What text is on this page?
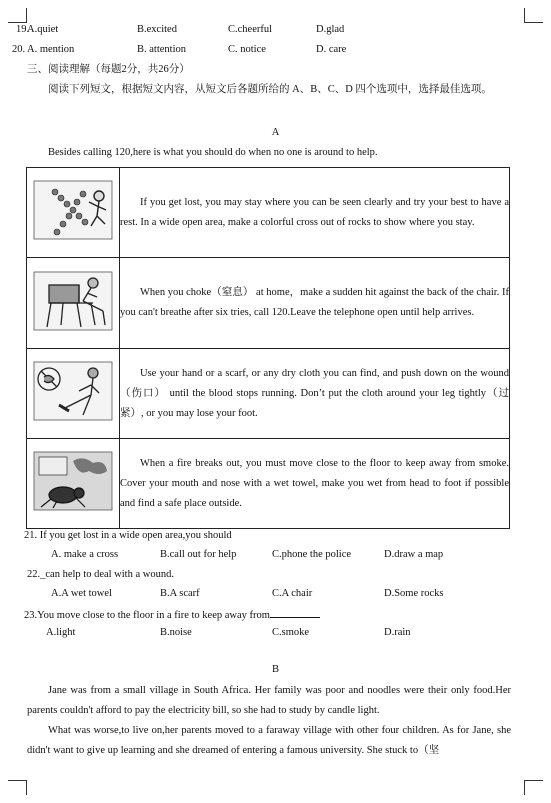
A.quiet	B.excited	C.cheerful	D.glad
19.
A. mention	B. attention	C. notice	D. care
20.
三、阅读理解（每题2分，共26分）
阅读下列短文，根据短文内容，从短文后各题所给的 A、B、C、D 四个选项中，选择最佳选项。
A
Besides calling 120,here is what you should do when no one is around to help.
	If you get lost, you may stay where you can be seen clearly and try your best to have a rest. In a wide open area, make a colorful cross out of rocks to show where you stay.
	When you choke（窒息） at home，make a sudden hit against the back of the chair. If you can't breathe after six tries, call 120.Leave the telephone open until help arrives.
	Use your hand or a scarf, or any dry cloth you can find, and push down on the wound（伤口） until the blood stops running. Don’t put the cloth around your leg tightly（过紧）, or you may lose your foot.
	When a fire breaks out, you must move close to the floor to keep away from smoke. Cover your mouth and nose with a wet towel, make you wet from head to foot if possible and find a safe place outside.
21. If you get lost in a wide open area,you should
A. make a cross	B.call out for help	C.phone the police	D.draw a map
22._can help to deal with a wound.
A.A wet towel	B.A scarf	C.A chair	D.Some rocks
23.You move close to the floor in a fire to keep away from
A.light	B.noise	C.smoke	D.rain
B
Jane was from a small village in South Africa. Her family was poor and noodles were their only food.Her parents couldn't afford to pay the electricity bill, so she had to study by candle light.
What was worse,to live on,her parents moved to a faraway village with other four children. As for Jane, she didn't want to give up learning and she dreamed of entering a famous university. She stuck to（坚
